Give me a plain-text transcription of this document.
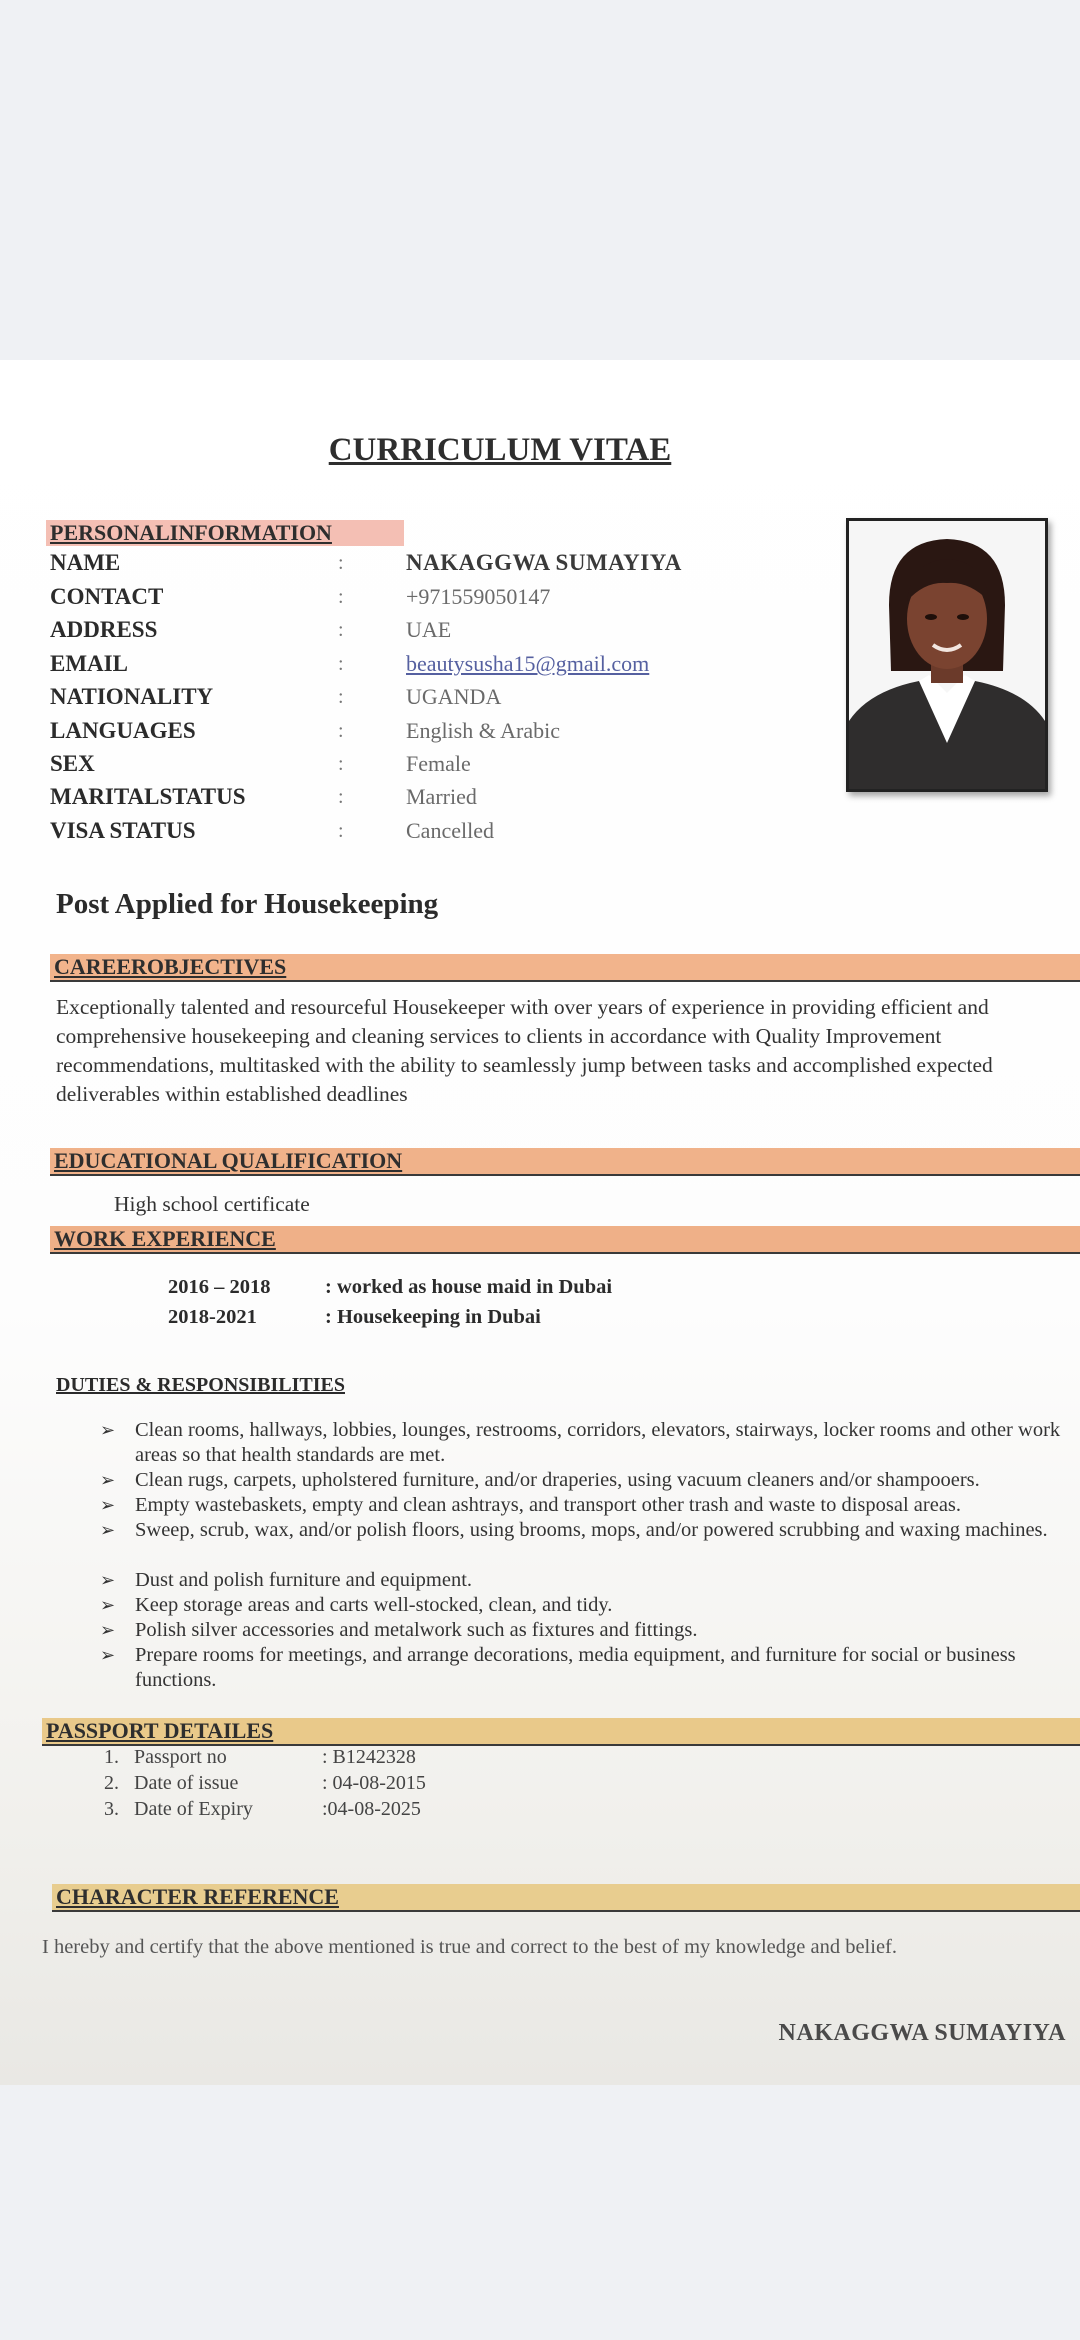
CURRICULUM VITAE
PERSONALINFORMATION
NAME	:	NAKAGGWA SUMAYIYA
CONTACT	:	+971559050147
ADDRESS	:	UAE
EMAIL	:	beautysusha15@gmail.com
NATIONALITY	:	UGANDA
LANGUAGES	:	English & Arabic
SEX	:	Female
MARITALSTATUS	:	Married
VISA STATUS	:	Cancelled
Post Applied for Housekeeping
CAREEROBJECTIVES
Exceptionally talented and resourceful Housekeeper with over years of experience in providing efficient and comprehensive housekeeping and cleaning services to clients in accordance with Quality Improvement recommendations, multitasked with the ability to seamlessly jump between tasks and accomplished expected deliverables within established deadlines
EDUCATIONAL QUALIFICATION
High school certificate
WORK EXPERIENCE
2016 – 2018	: worked as house maid in Dubai
2018-2021	: Housekeeping in Dubai
DUTIES & RESPONSIBILITIES
➢ Clean rooms, hallways, lobbies, lounges, restrooms, corridors, elevators, stairways, locker rooms and other work areas so that health standards are met.
➢ Clean rugs, carpets, upholstered furniture, and/or draperies, using vacuum cleaners and/or shampooers.
➢ Empty wastebaskets, empty and clean ashtrays, and transport other trash and waste to disposal areas.
➢ Sweep, scrub, wax, and/or polish floors, using brooms, mops, and/or powered scrubbing and waxing machines.
➢ Dust and polish furniture and equipment.
➢ Keep storage areas and carts well-stocked, clean, and tidy.
➢ Polish silver accessories and metalwork such as fixtures and fittings.
➢ Prepare rooms for meetings, and arrange decorations, media equipment, and furniture for social or business functions.
PASSPORT DETAILES
1. Passport no	: B1242328
2. Date of issue	: 04-08-2015
3. Date of Expiry	:04-08-2025
CHARACTER REFERENCE
I hereby and certify that the above mentioned is true and correct to the best of my knowledge and belief.
NAKAGGWA SUMAYIYA
